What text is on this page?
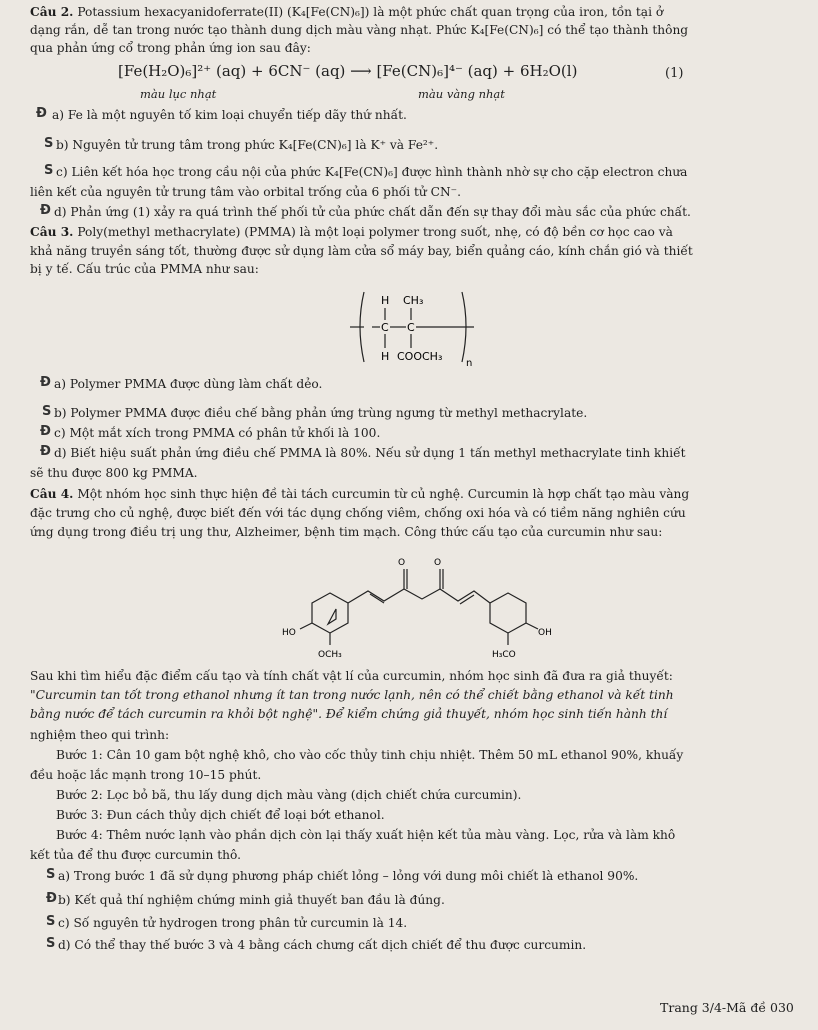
Câu 2. Potassium hexacyanidoferrate(II) (K₄[Fe(CN)₆]) là một phức chất quan trọng của iron, tồn tại ở
dạng rắn, dễ tan trong nước tạo thành dung dịch màu vàng nhạt. Phức K₄[Fe(CN)₆] có thể tạo thành thông
qua phản ứng cổ trong phản ứng ion sau đây:
[Fe(H₂O)₆]²⁺ (aq) + 6CN⁻ (aq) ⟶ [Fe(CN)₆]⁴⁻ (aq) + 6H₂O(l)	(1)
màu lục nhạt	màu vàng nhạt
Đ a) Fe là một nguyên tố kim loại chuyển tiếp dãy thứ nhất.
S b) Nguyên tử trung tâm trong phức K₄[Fe(CN)₆] là K⁺ và Fe²⁺.
S c) Liên kết hóa học trong cầu nội của phức K₄[Fe(CN)₆] được hình thành nhờ sự cho cặp electron chưa
liên kết của nguyên tử trung tâm vào orbital trống của 6 phối tử CN⁻.
Đ d) Phản ứng (1) xảy ra quá trình thế phối tử của phức chất dẫn đến sự thay đổi màu sắc của phức chất.
Câu 3. Poly(methyl methacrylate) (PMMA) là một loại polymer trong suốt, nhẹ, có độ bền cơ học cao và
khả năng truyền sáng tốt, thường được sử dụng làm cửa sổ máy bay, biển quảng cáo, kính chắn gió và thiết
bị y tế. Cấu trúc của PMMA như sau:
H CH₃
C C
H COOCH₃
n
Đ a) Polymer PMMA được dùng làm chất dẻo.
S b) Polymer PMMA được điều chế bằng phản ứng trùng ngưng từ methyl methacrylate.
Đ c) Một mắt xích trong PMMA có phân tử khối là 100.
Đ d) Biết hiệu suất phản ứng điều chế PMMA là 80%. Nếu sử dụng 1 tấn methyl methacrylate tinh khiết
sẽ thu được 800 kg PMMA.
Câu 4. Một nhóm học sinh thực hiện đề tài tách curcumin từ củ nghệ. Curcumin là hợp chất tạo màu vàng
đặc trưng cho củ nghệ, được biết đến với tác dụng chống viêm, chống oxi hóa và có tiềm năng nghiên cứu
ứng dụng trong điều trị ung thư, Alzheimer, bệnh tim mạch. Công thức cấu tạo của curcumin như sau:
O	O
HO	OH
OCH₃	H₃CO
Sau khi tìm hiểu đặc điểm cấu tạo và tính chất vật lí của curcumin, nhóm học sinh đã đưa ra giả thuyết:
"Curcumin tan tốt trong ethanol nhưng ít tan trong nước lạnh, nên có thể chiết bằng ethanol và kết tinh
bằng nước để tách curcumin ra khỏi bột nghệ". Để kiểm chứng giả thuyết, nhóm học sinh tiến hành thí
nghiệm theo qui trình:
Bước 1: Cân 10 gam bột nghệ khô, cho vào cốc thủy tinh chịu nhiệt. Thêm 50 mL ethanol 90%, khuấy
đều hoặc lắc mạnh trong 10–15 phút.
Bước 2: Lọc bỏ bã, thu lấy dung dịch màu vàng (dịch chiết chứa curcumin).
Bước 3: Đun cách thủy dịch chiết để loại bớt ethanol.
Bước 4: Thêm nước lạnh vào phần dịch còn lại thấy xuất hiện kết tủa màu vàng. Lọc, rửa và làm khô
kết tủa để thu được curcumin thô.
S a) Trong bước 1 đã sử dụng phương pháp chiết lỏng – lỏng với dung môi chiết là ethanol 90%.
Đ b) Kết quả thí nghiệm chứng minh giả thuyết ban đầu là đúng.
S c) Số nguyên tử hydrogen trong phân tử curcumin là 14.
S d) Có thể thay thế bước 3 và 4 bằng cách chưng cất dịch chiết để thu được curcumin.
Trang 3/4-Mã đề 030
